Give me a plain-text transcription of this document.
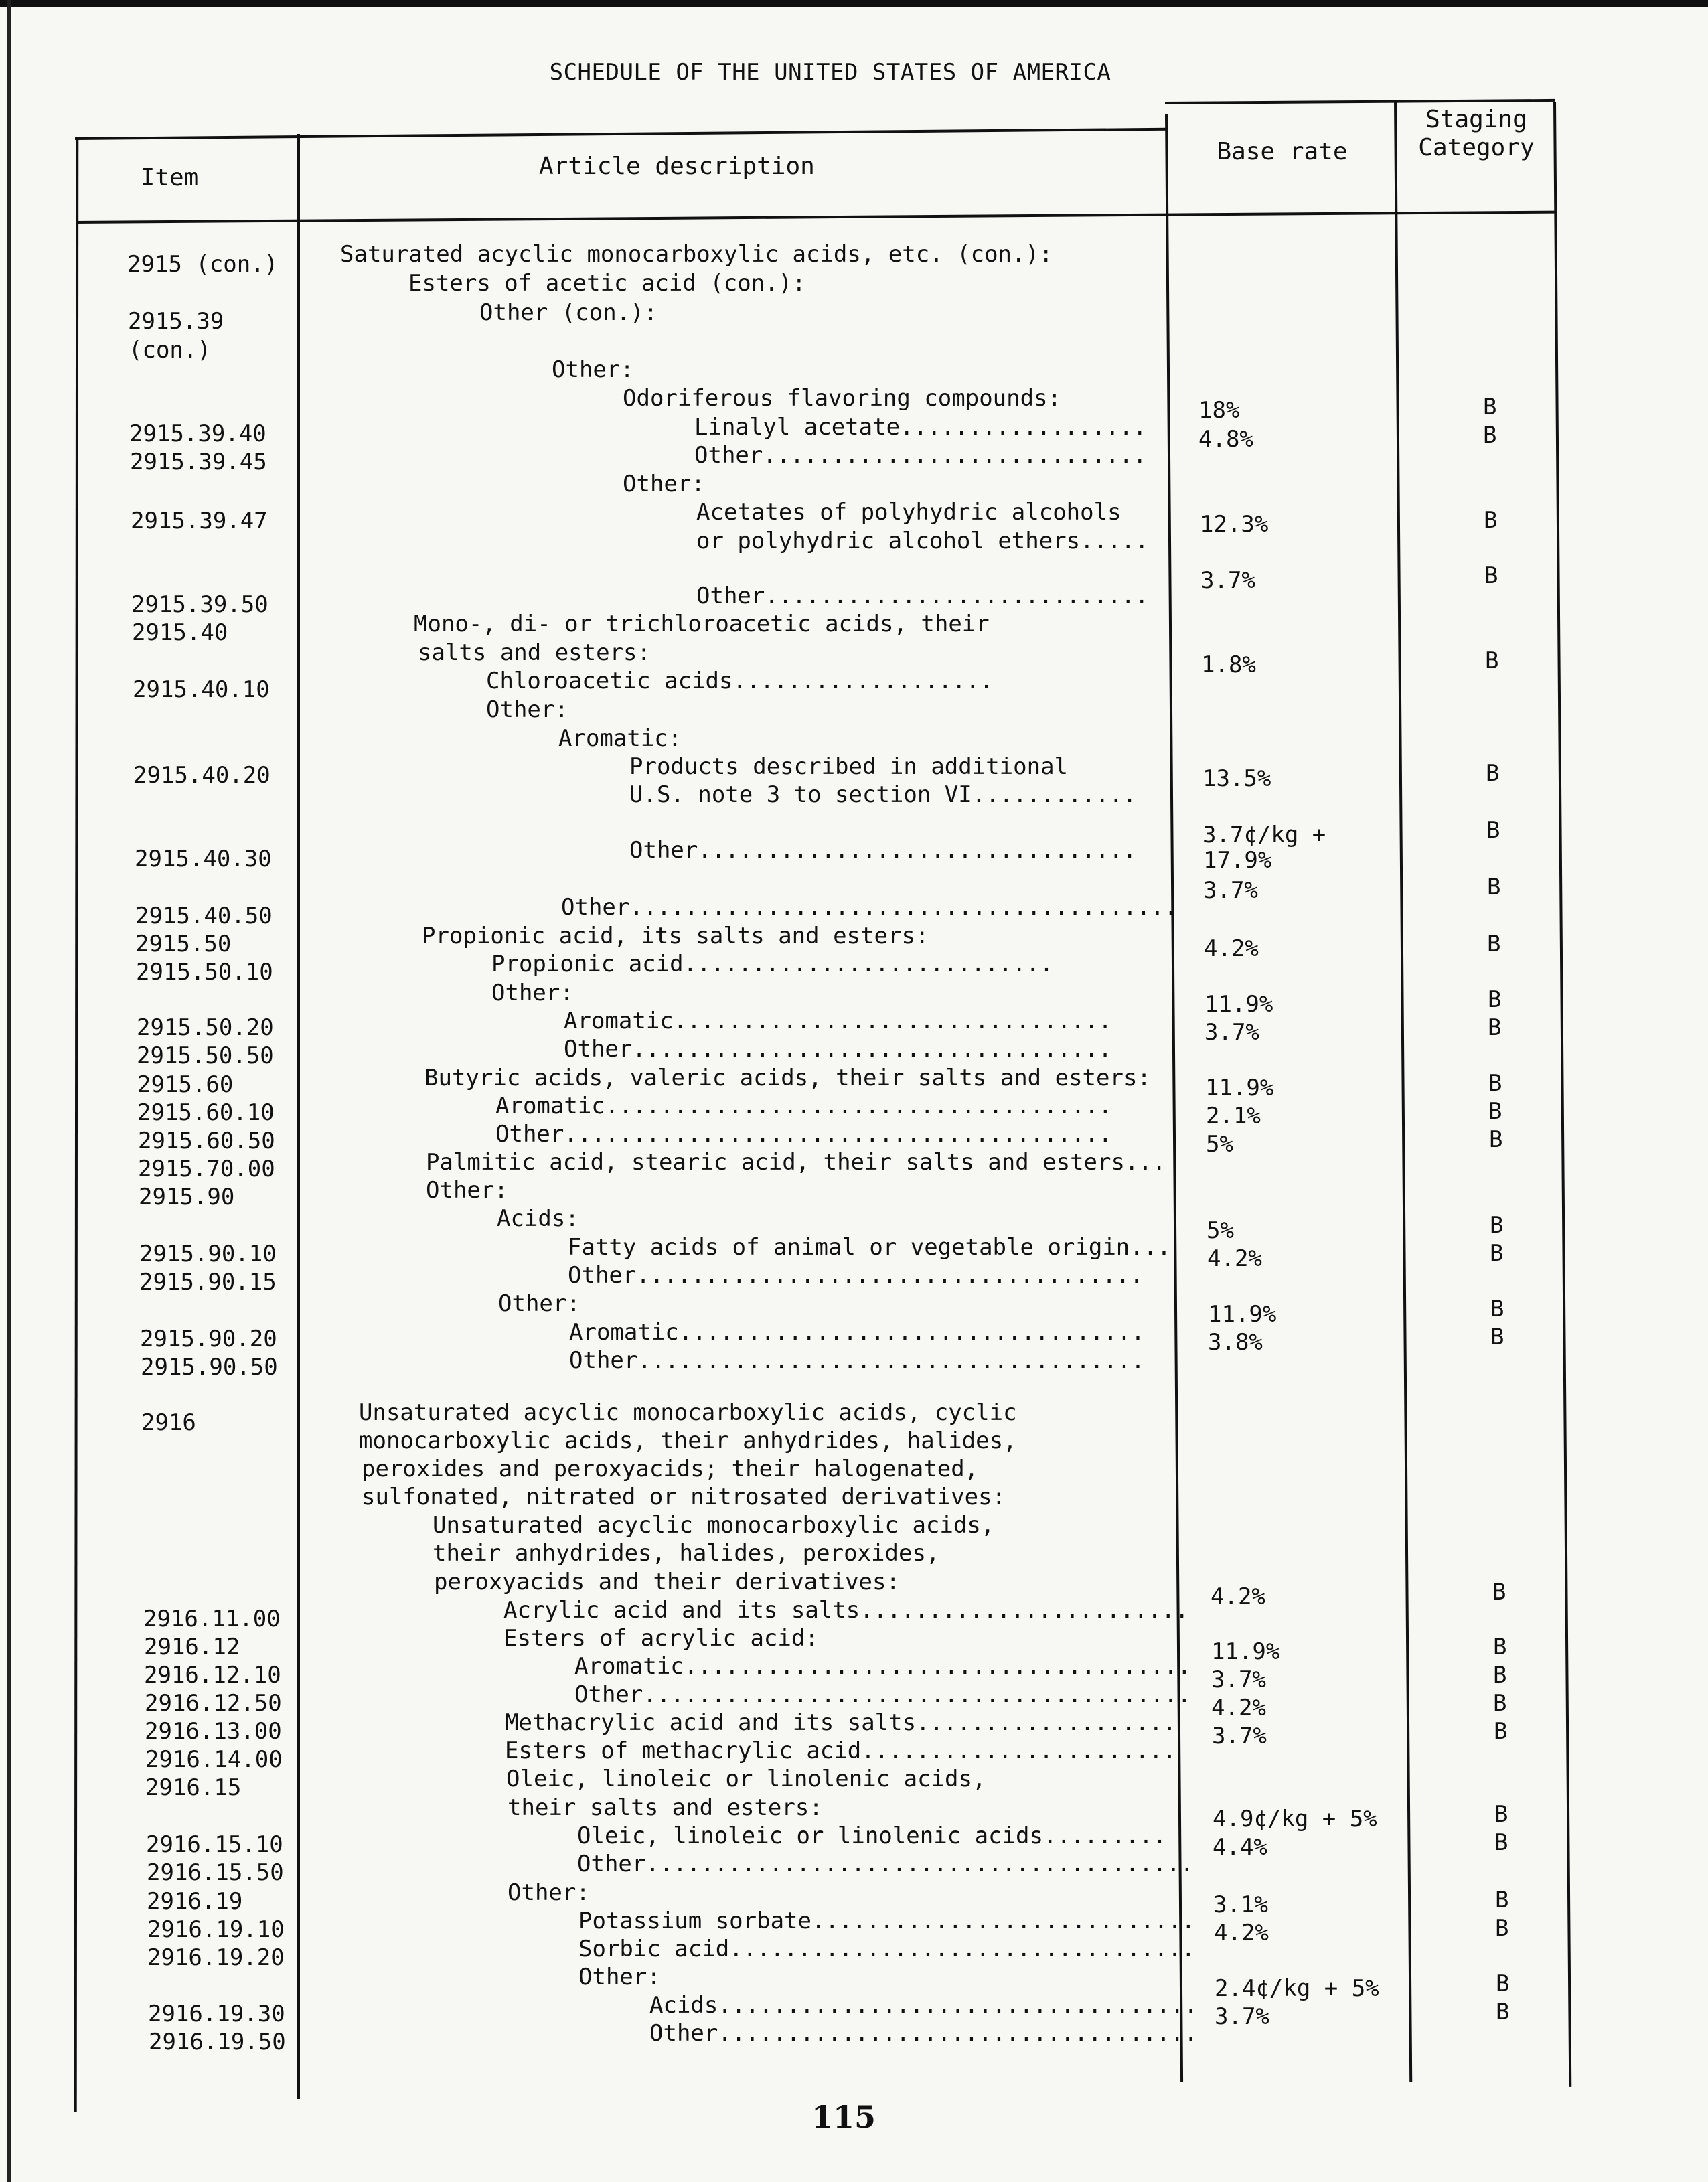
SCHEDULE OF THE UNITED STATES OF AMERICA
Item	Article description
Base rate
Staging
Category
2915 (con.)
2915.39
(con.)
2915.39.40
2915.39.45
2915.39.47
2915.39.50
2915.40
2915.40.10
2915.40.20
2915.40.30
2915.40.50
2915.50
2915.50.10
2915.50.20
2915.50.50
2915.60
2915.60.10
2915.60.50
2915.70.00
2915.90
2915.90.10
2915.90.15
2915.90.20
2915.90.50
2916
2916.11.00
2916.12
2916.12.10
2916.12.50
2916.13.00
2916.14.00
2916.15
2916.15.10
2916.15.50
2916.19
2916.19.10
2916.19.20
2916.19.30
2916.19.50
Saturated acyclic monocarboxylic acids, etc. (con.):
Esters of acetic acid (con.):
Other (con.):
Other:
Odoriferous flavoring compounds:
Linalyl acetate..................
Other............................
Other:
Acetates of polyhydric alcohols
or polyhydric alcohol ethers.....
Other............................
Mono-, di- or trichloroacetic acids, their
salts and esters:
Chloroacetic acids...................
Other:
Aromatic:
Products described in additional
U.S. note 3 to section VI............
Other................................
Other........................................
Propionic acid, its salts and esters:
Propionic acid...........................
Other:
Aromatic................................
Other...................................
Butyric acids, valeric acids, their salts and esters:
Aromatic.....................................
Other........................................
Palmitic acid, stearic acid, their salts and esters...
Other:
Acids:
Fatty acids of animal or vegetable origin...
Other.....................................
Other:
Aromatic..................................
Other.....................................
Unsaturated acyclic monocarboxylic acids, cyclic
monocarboxylic acids, their anhydrides, halides,
peroxides and peroxyacids; their halogenated,
sulfonated, nitrated or nitrosated derivatives:
Unsaturated acyclic monocarboxylic acids,
their anhydrides, halides, peroxides,
peroxyacids and their derivatives:
Acrylic acid and its salts........................
Esters of acrylic acid:
Aromatic.....................................
Other........................................
Methacrylic acid and its salts...................
Esters of methacrylic acid.......................
Oleic, linoleic or linolenic acids,
their salts and esters:
Oleic, linoleic or linolenic acids.........
Other........................................
Other:
Potassium sorbate............................
Sorbic acid..................................
Other:
Acids...................................
Other...................................
18%
4.8%
12.3%
3.7%
1.8%
13.5%
3.7¢/kg +
17.9%
3.7%
4.2%
11.9%
3.7%
11.9%
2.1%
5%
5%
4.2%
11.9%
3.8%
4.2%
11.9%
3.7%
4.2%
3.7%
4.9¢/kg + 5%
4.4%
3.1%
4.2%
2.4¢/kg + 5%
3.7%
B
B
B
B
B
B
B
B
B
B
B
B
B
B
B
B
B
B
B
B
B
B
B
B
B
B
B
B
B
115
